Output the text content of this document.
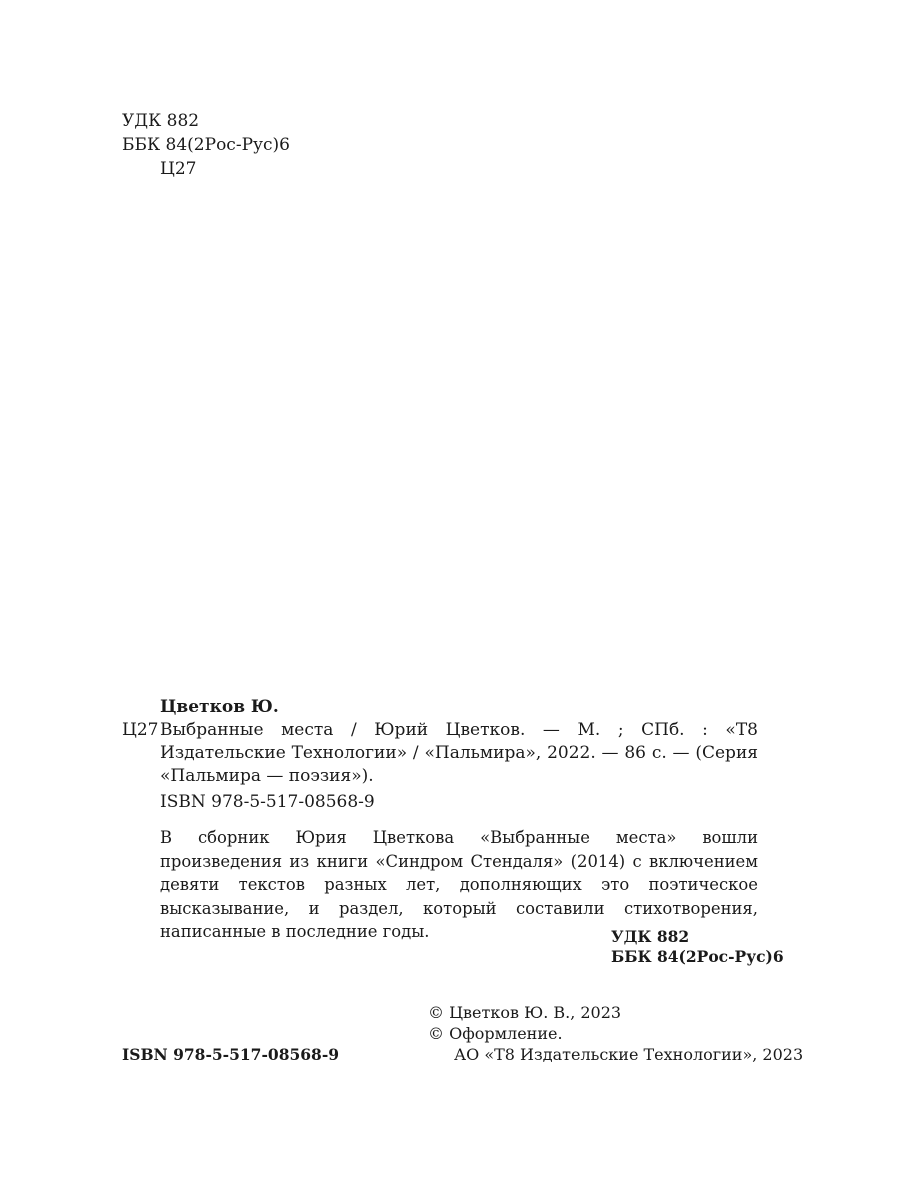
УДК 882
ББК 84(2Рос-Рус)6
Ц27
Цветков Ю.
Ц27 Выбранные места / Юрий Цветков. — М. ; СПб. : «Т8 Издательские Технологии» / «Пальмира», 2022. — 86 с. — (Серия «Пальмира — поэзия»).
ISBN 978-5-517-08568-9
В сборник Юрия Цветкова «Выбранные места» вошли произведения из книги «Синдром Стендаля» (2014) с включением девяти текстов разных лет, дополняющих это поэтическое высказывание, и раздел, который составили стихотворения, написанные в последние годы.	УДК 882
ББК 84(2Рос-Рус)6
© Цветков Ю. В., 2023
© Оформление.
АО «Т8 Издательские Технологии», 2023
ISBN 978-5-517-08568-9
